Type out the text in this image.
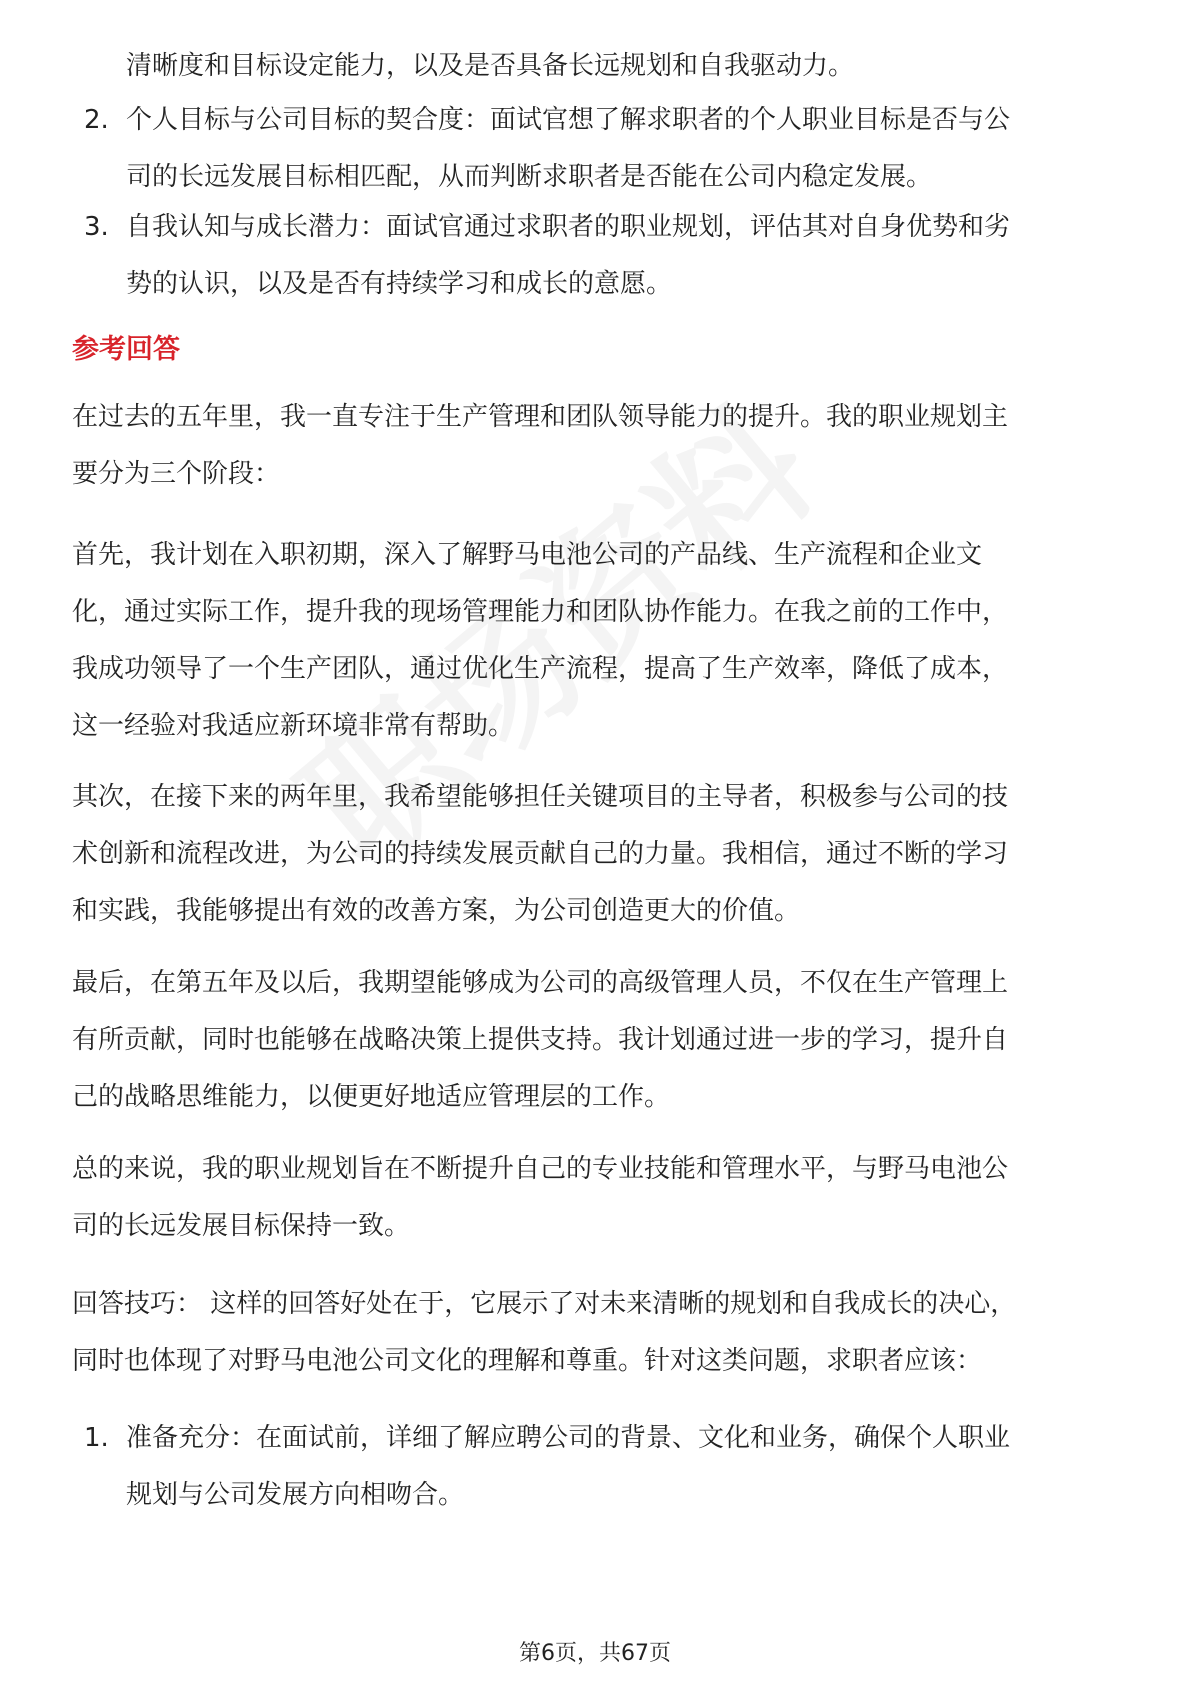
清晰度和目标设定能力，以及是否具备长远规划和自我驱动力。
2. 个人目标与公司目标的契合度：面试官想了解求职者的个人职业目标是否与公
司的长远发展目标相匹配，从而判断求职者是否能在公司内稳定发展。
3. 自我认知与成长潜力：面试官通过求职者的职业规划，评估其对自身优势和劣
势的认识，以及是否有持续学习和成长的意愿。
参考回答
在过去的五年里，我一直专注于生产管理和团队领导能力的提升。我的职业规划主
要分为三个阶段：
首先，我计划在入职初期，深入了解野马电池公司的产品线、生产流程和企业文
化，通过实际工作，提升我的现场管理能力和团队协作能力。在我之前的工作中，
我成功领导了一个生产团队，通过优化生产流程，提高了生产效率，降低了成本，
这一经验对我适应新环境非常有帮助。
其次，在接下来的两年里，我希望能够担任关键项目的主导者，积极参与公司的技
术创新和流程改进，为公司的持续发展贡献自己的力量。我相信，通过不断的学习
和实践，我能够提出有效的改善方案，为公司创造更大的价值。
最后，在第五年及以后，我期望能够成为公司的高级管理人员，不仅在生产管理上
有所贡献，同时也能够在战略决策上提供支持。我计划通过进一步的学习，提升自
己的战略思维能力，以便更好地适应管理层的工作。
总的来说，我的职业规划旨在不断提升自己的专业技能和管理水平，与野马电池公
司的长远发展目标保持一致。
回答技巧： 这样的回答好处在于，它展示了对未来清晰的规划和自我成长的决心，
同时也体现了对野马电池公司文化的理解和尊重。针对这类问题，求职者应该：
1. 准备充分：在面试前，详细了解应聘公司的背景、文化和业务，确保个人职业
规划与公司发展方向相吻合。
第6页，共67页
